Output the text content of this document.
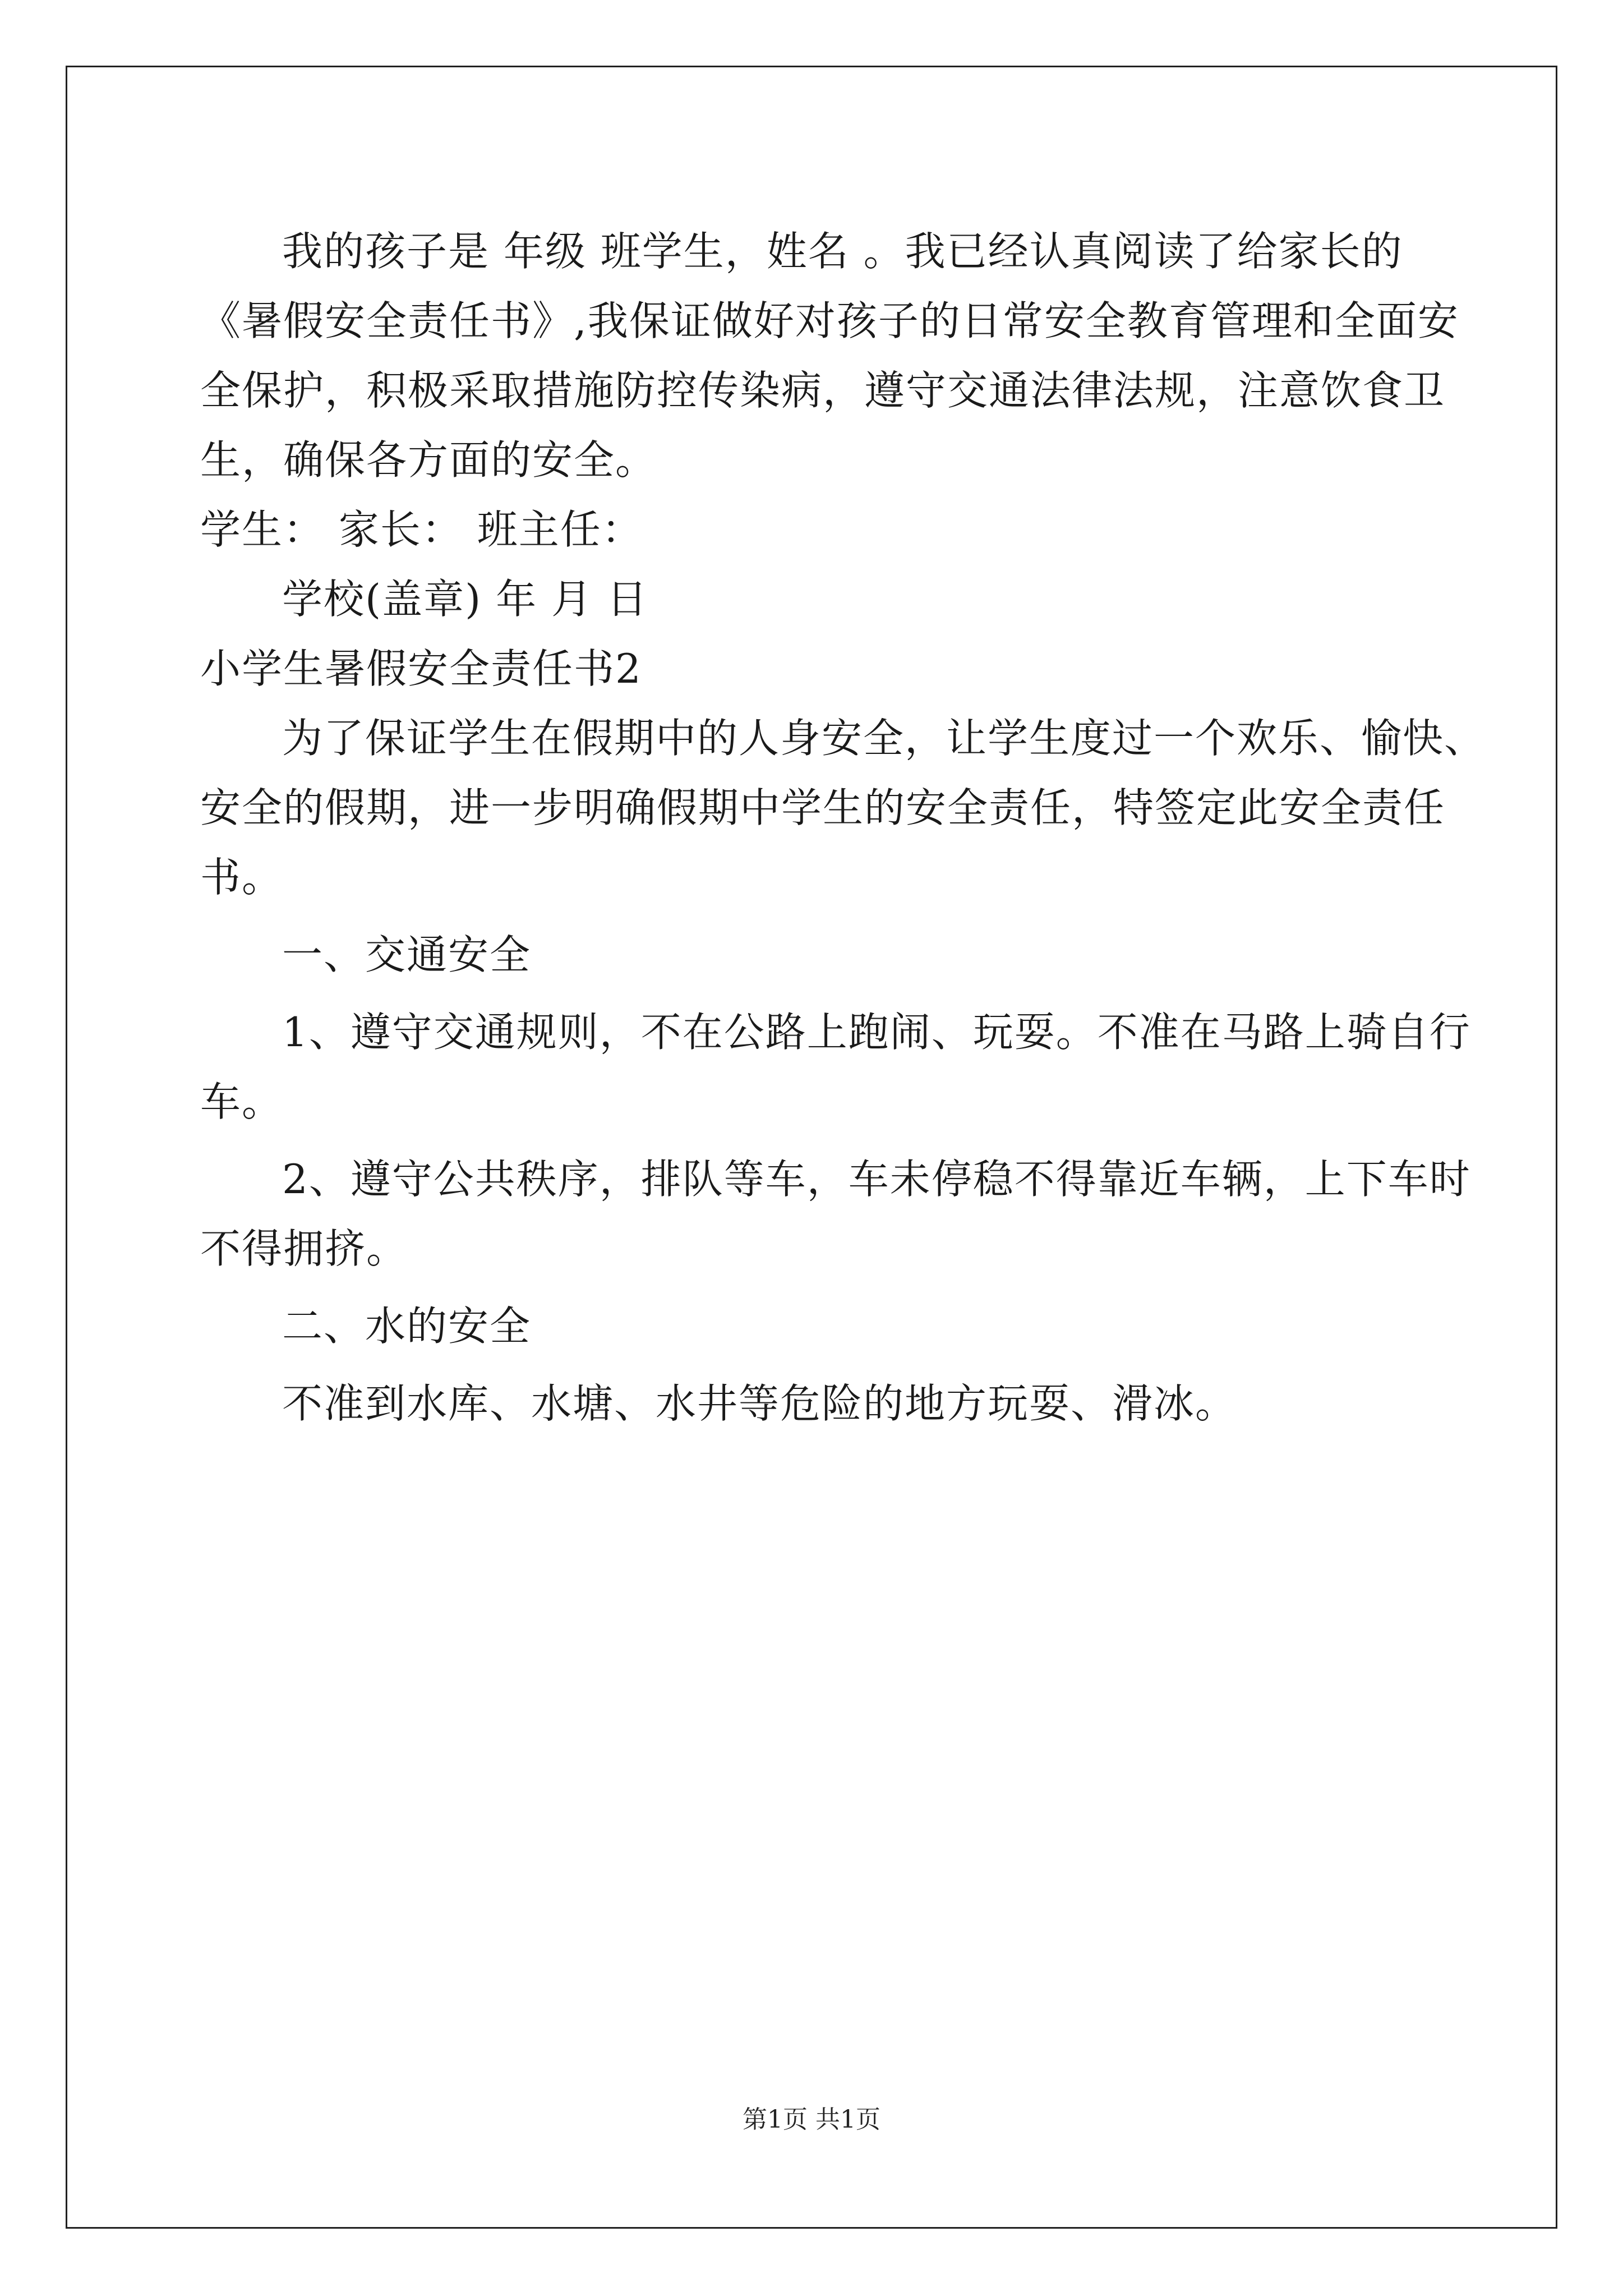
我的孩子是 年级 班学生，姓名 。我已经认真阅读了给家长的
《暑假安全责任书》,我保证做好对孩子的日常安全教育管理和全面安
全保护，积极采取措施防控传染病，遵守交通法律法规，注意饮食卫
生，确保各方面的安全。
学生： 家长： 班主任：
学校(盖章) 年 月 日
小学生暑假安全责任书2
为了保证学生在假期中的人身安全，让学生度过一个欢乐、愉快、
安全的假期，进一步明确假期中学生的安全责任，特签定此安全责任
书。
一、交通安全
1、遵守交通规则，不在公路上跑闹、玩耍。不准在马路上骑自行
车。
2、遵守公共秩序，排队等车，车未停稳不得靠近车辆，上下车时
不得拥挤。
二、水的安全
不准到水库、水塘、水井等危险的地方玩耍、滑冰。
第1页 共1页
